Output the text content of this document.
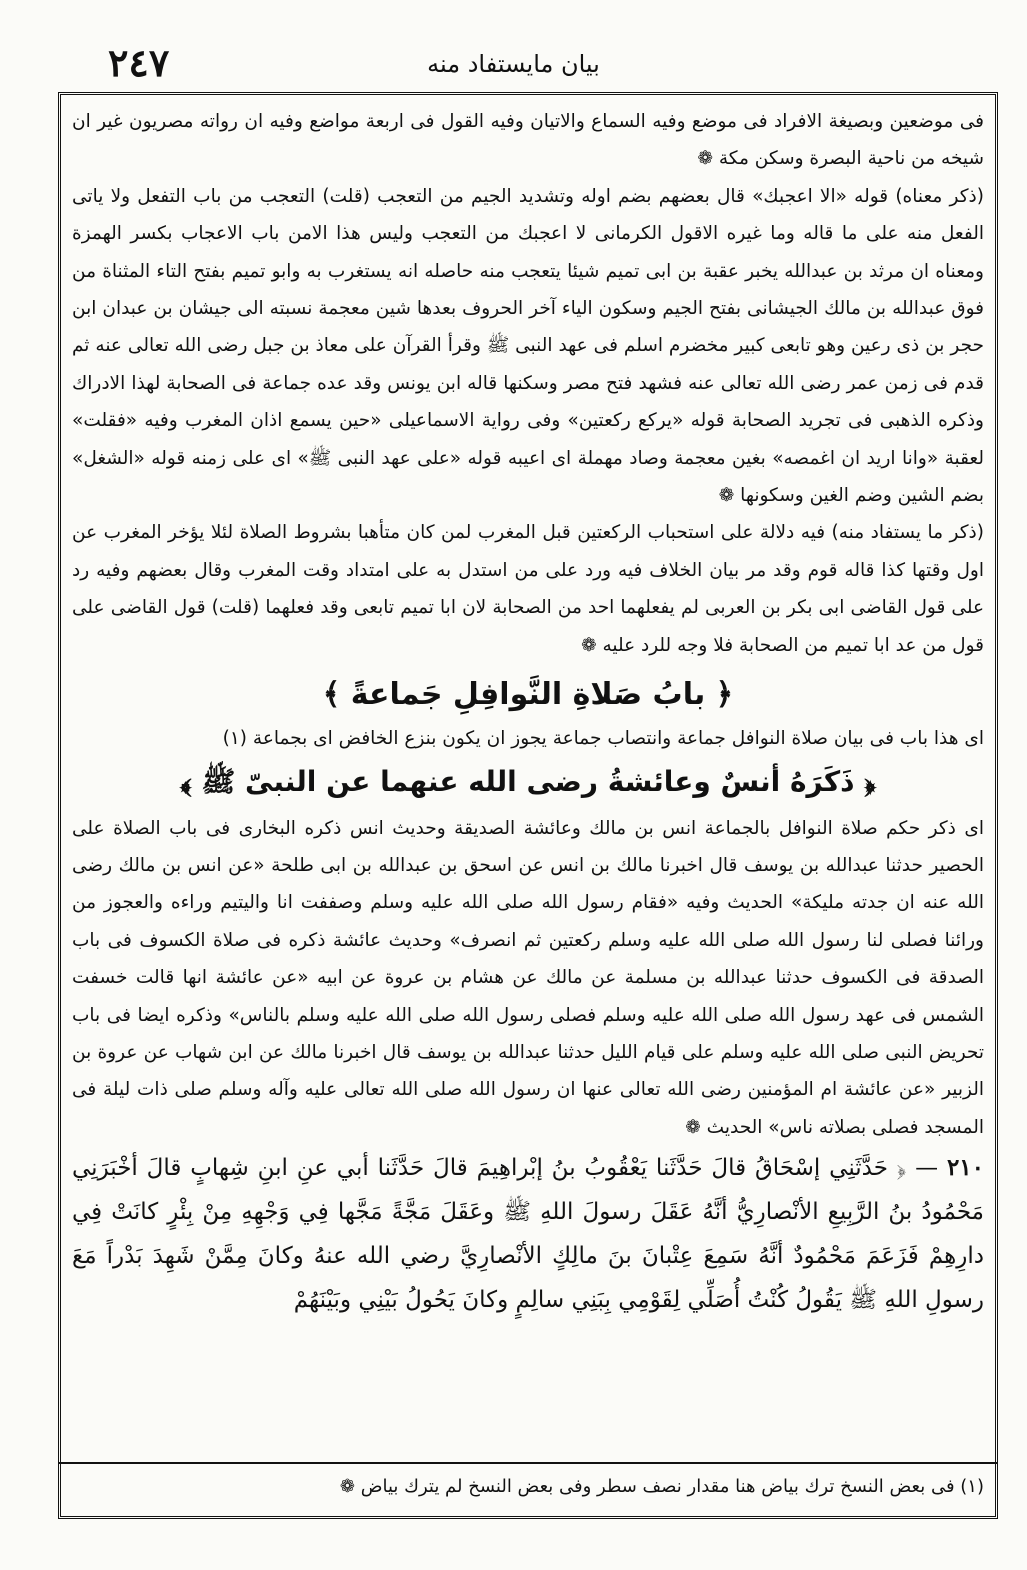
٢٤٧	بيان مايستفاد منه

فى موضعين وبصيغة الافراد فى موضع وفيه السماع والاتيان وفيه القول فى اربعة مواضع وفيه ان رواته مصريون غير ان شيخه من ناحية البصرة وسكن مكة ❁

(ذكر معناه) قوله «الا اعجبك» قال بعضهم بضم اوله وتشديد الجيم من التعجب (قلت) التعجب من باب التفعل ولا ياتى الفعل منه على ما قاله وما غيره الاقول الكرمانى لا اعجبك من التعجب وليس هذا الامن باب الاعجاب بكسر الهمزة ومعناه ان مرثد بن عبدالله يخبر عقبة بن ابى تميم شيئا يتعجب منه حاصله انه يستغرب به وابو تميم بفتح التاء المثناة من فوق عبدالله بن مالك الجيشانى بفتح الجيم وسكون الياء آخر الحروف بعدها شين معجمة نسبته الى جيشان بن عبدان ابن حجر بن ذى رعين وهو تابعى كبير مخضرم اسلم فى عهد النبى ﷺ وقرأ القرآن على معاذ بن جبل رضى الله تعالى عنه ثم قدم فى زمن عمر رضى الله تعالى عنه فشهد فتح مصر وسكنها قاله ابن يونس وقد عده جماعة فى الصحابة لهذا الادراك وذكره الذهبى فى تجريد الصحابة قوله «يركع ركعتين» وفى رواية الاسماعيلى «حين يسمع اذان المغرب وفيه «فقلت» لعقبة «وانا اريد ان اغمصه» بغين معجمة وصاد مهملة اى اعيبه قوله «على عهد النبى ﷺ» اى على زمنه قوله «الشغل» بضم الشين وضم الغين وسكونها ❁

(ذكر ما يستفاد منه) فيه دلالة على استحباب الركعتين قبل المغرب لمن كان متأهبا بشروط الصلاة لئلا يؤخر المغرب عن اول وقتها كذا قاله قوم وقد مر بيان الخلاف فيه ورد على من استدل به على امتداد وقت المغرب وقال بعضهم وفيه رد على قول القاضى ابى بكر بن العربى لم يفعلهما احد من الصحابة لان ابا تميم تابعى وقد فعلهما (قلت) قول القاضى على قول من عد ابا تميم من الصحابة فلا وجه للرد عليه ❁

﴿ بابُ صَلاةِ النَّوافِلِ جَماعةً ﴾

اى هذا باب فى بيان صلاة النوافل جماعة وانتصاب جماعة يجوز ان يكون بنزع الخافض اى بجماعة (١)

﴿ ذَكَرَهُ أنسٌ وعائشةُ رضى الله عنهما عن النبىّ ﷺ ﴾

اى ذكر حكم صلاة النوافل بالجماعة انس بن مالك وعائشة الصديقة وحديث انس ذكره البخارى فى باب الصلاة على الحصير حدثنا عبدالله بن يوسف قال اخبرنا مالك بن انس عن اسحق بن عبدالله بن ابى طلحة «عن انس بن مالك رضى الله عنه ان جدته مليكة» الحديث وفيه «فقام رسول الله صلى الله عليه وسلم وصففت انا واليتيم وراءه والعجوز من ورائنا فصلى لنا رسول الله صلى الله عليه وسلم ركعتين ثم انصرف» وحديث عائشة ذكره فى صلاة الكسوف فى باب الصدقة فى الكسوف حدثنا عبدالله بن مسلمة عن مالك عن هشام بن عروة عن ابيه «عن عائشة انها قالت خسفت الشمس فى عهد رسول الله صلى الله عليه وسلم فصلى رسول الله صلى الله عليه وسلم بالناس» وذكره ايضا فى باب تحريض النبى صلى الله عليه وسلم على قيام الليل حدثنا عبدالله بن يوسف قال اخبرنا مالك عن ابن شهاب عن عروة بن الزبير «عن عائشة ام المؤمنين رضى الله تعالى عنها ان رسول الله صلى الله تعالى عليه وآله وسلم صلى ذات ليلة فى المسجد فصلى بصلاته ناس» الحديث ❁

٢١٠ — ﴿ حَدَّثَنِي إسْحَاقُ قالَ حَدَّثَنا يَعْقُوبُ بنُ إبْراهِيمَ قالَ حَدَّثَنا أبي عنِ ابنِ شِهابٍ قالَ أخْبَرَنِي مَحْمُودُ بنُ الرَّبِيعِ الأنْصارِيُّ أنَّهُ عَقَلَ رسولَ اللهِ ﷺ وعَقَلَ مَجَّةً مَجَّها فِي وَجْهِهِ مِنْ بِئْرٍ كانَتْ فِي دارِهِمْ فَزَعَمَ مَحْمُودٌ أنَّهُ سَمِعَ عِتْبانَ بنَ مالِكٍ الأنْصارِيَّ رضي الله عنهُ وكانَ مِمَّنْ شَهِدَ بَدْراً مَعَ رسولِ اللهِ ﷺ يَقُولُ كُنْتُ أُصَلِّي لِقَوْمِي بِبَنِي سالِمٍ وكانَ يَحُولُ بَيْنِي وبَيْنَهُمْ

(١) فى بعض النسخ ترك بياض هنا مقدار نصف سطر وفى بعض النسخ لم يترك بياض ❁
